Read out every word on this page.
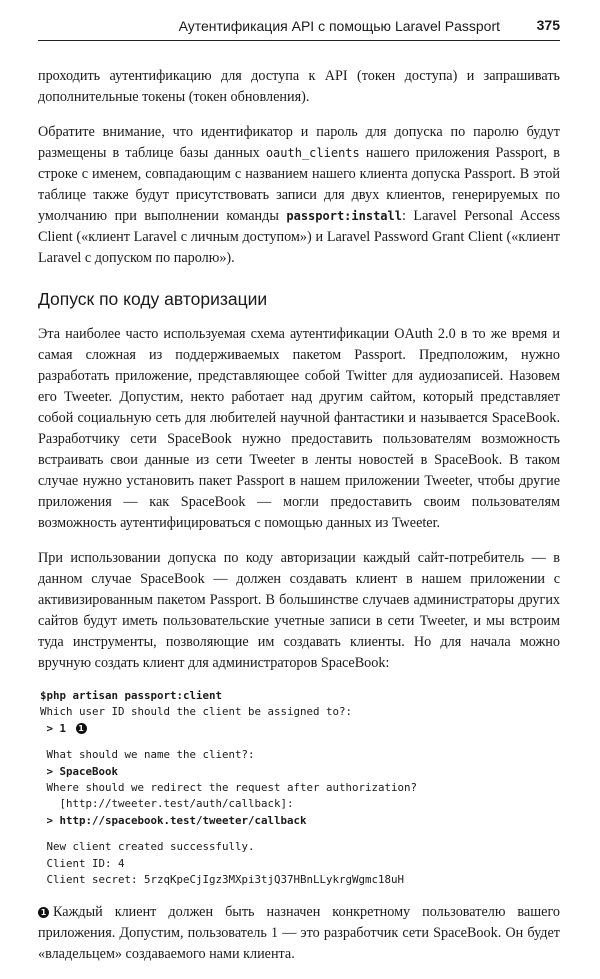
Аутентификация API с помощью Laravel Passport	375

проходить аутентификацию для доступа к API (токен доступа) и запрашивать дополнительные токены (токен обновления).

Обратите внимание, что идентификатор и пароль для допуска по паролю будут размещены в таблице базы данных oauth_clients нашего приложения Passport, в строке с именем, совпадающим с названием нашего клиента допуска Passport. В этой таблице также будут присутствовать записи для двух клиентов, генерируемых по умолчанию при выполнении команды passport:install: Laravel Personal Access Client («клиент Laravel с личным доступом») и Laravel Password Grant Client («клиент Laravel с допуском по паролю»).

Допуск по коду авторизации

Эта наиболее часто используемая схема аутентификации OAuth 2.0 в то же время и самая сложная из поддерживаемых пакетом Passport. Предположим, нужно разработать приложение, представляющее собой Twitter для аудиозаписей. Назовем его Tweeter. Допустим, некто работает над другим сайтом, который представляет собой социальную сеть для любителей научной фантастики и называется SpaceBook. Разработчику сети SpaceBook нужно предоставить пользователям возможность встраивать свои данные из сети Tweeter в ленты новостей в SpaceBook. В таком случае нужно установить пакет Passport в нашем приложении Tweeter, чтобы другие приложения — как SpaceBook — могли предоставить своим пользователям возможность аутентифицироваться с помощью данных из Tweeter.

При использовании допуска по коду авторизации каждый сайт-потребитель — в данном случае SpaceBook — должен создавать клиент в нашем приложении с активизированным пакетом Passport. В большинстве случаев администраторы других сайтов будут иметь пользовательские учетные записи в сети Tweeter, и мы встроим туда инструменты, позволяющие им создавать клиенты. Но для начала можно вручную создать клиент для администраторов SpaceBook:

$php artisan passport:client
Which user ID should the client be assigned to?:
> 1 1
What should we name the client?:
> SpaceBook
Where should we redirect the request after authorization?
[http://tweeter.test/auth/callback]:
> http://spacebook.test/tweeter/callback
New client created successfully.
Client ID: 4
Client secret: 5rzqKpeCjIgz3MXpi3tjQ37HBnLLykrgWgmc18uH

1 Каждый клиент должен быть назначен конкретному пользователю вашего приложения. Допустим, пользователь 1 — это разработчик сети SpaceBook. Он будет «владельцем» создаваемого нами клиента.
